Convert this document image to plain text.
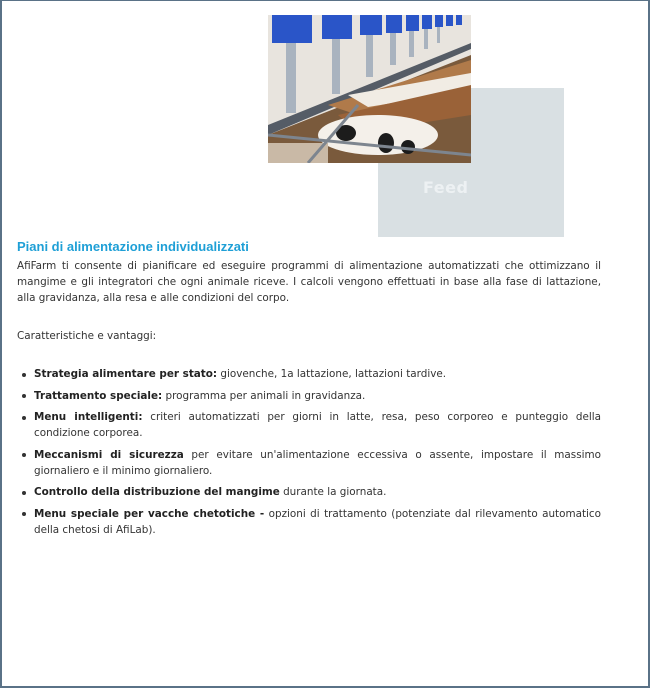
Feed
Piani di alimentazione individualizzati

AfiFarm ti consente di pianificare ed eseguire programmi di alimentazione automatizzati che ottimizzano il mangime e gli integratori che ogni animale riceve. I calcoli vengono effettuati in base alla fase di lattazione, alla gravidanza, alla resa e alle condizioni del corpo.

Caratteristiche e vantaggi:
Strategia alimentare per stato: giovenche, 1a lattazione, lattazioni tardive.
Trattamento speciale: programma per animali in gravidanza.
Menu intelligenti: criteri automatizzati per giorni in latte, resa, peso corporeo e punteggio della condizione corporea.
Meccanismi di sicurezza per evitare un'alimentazione eccessiva o assente, impostare il massimo giornaliero e il minimo giornaliero.
Controllo della distribuzione del mangime durante la giornata.
Menu speciale per vacche chetotiche - opzioni di trattamento (potenziate dal rilevamento automatico della chetosi di AfiLab).
